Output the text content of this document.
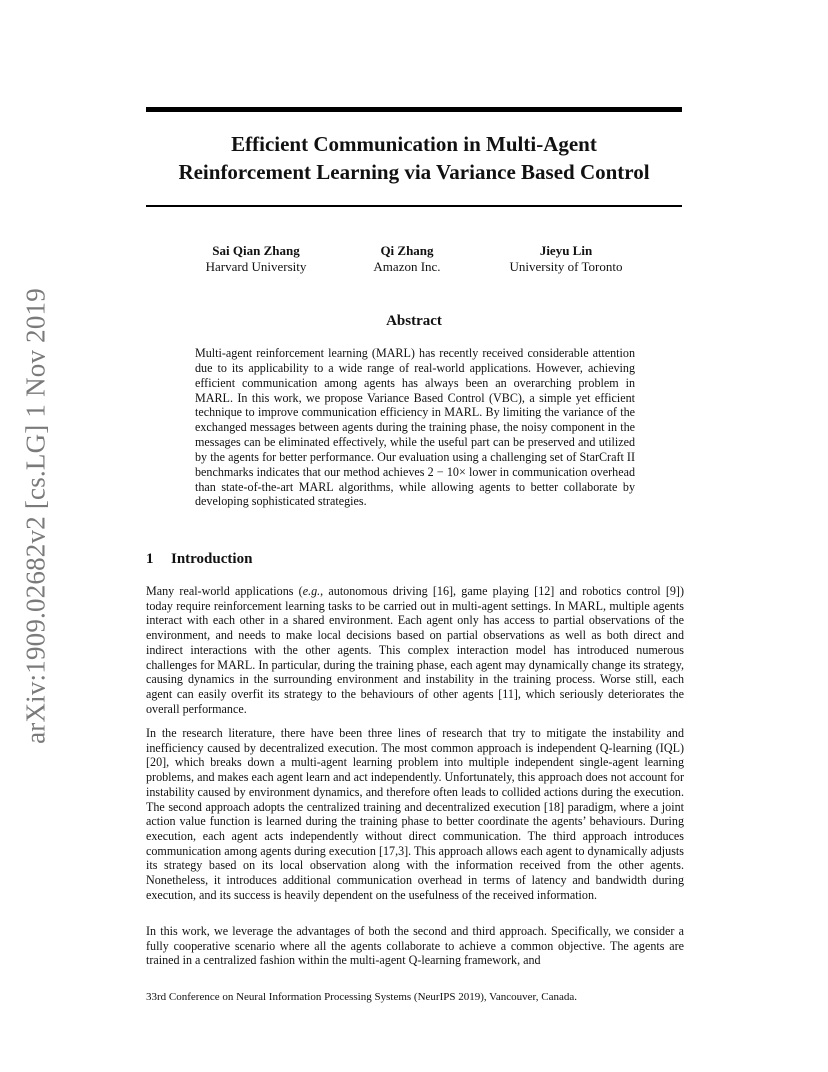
arXiv:1909.02682v2 [cs.LG] 1 Nov 2019
Efficient Communication in Multi-Agent
Reinforcement Learning via Variance Based Control
Sai Qian Zhang
Harvard University
Qi Zhang
Amazon Inc.
Jieyu Lin
University of Toronto
Abstract

Multi-agent reinforcement learning (MARL) has recently received considerable attention due to its applicability to a wide range of real-world applications. However, achieving efficient communication among agents has always been an overarching problem in MARL. In this work, we propose Variance Based Control (VBC), a simple yet efficient technique to improve communication efficiency in MARL. By limiting the variance of the exchanged messages between agents during the training phase, the noisy component in the messages can be eliminated effectively, while the useful part can be preserved and utilized by the agents for better performance. Our evaluation using a challenging set of StarCraft II benchmarks indicates that our method achieves 2 − 10× lower in communication overhead than state-of-the-art MARL algorithms, while allowing agents to better collaborate by developing sophisticated strategies.

1 Introduction

Many real-world applications (e.g., autonomous driving [16], game playing [12] and robotics control [9]) today require reinforcement learning tasks to be carried out in multi-agent settings. In MARL, multiple agents interact with each other in a shared environment. Each agent only has access to partial observations of the environment, and needs to make local decisions based on partial observations as well as both direct and indirect interactions with the other agents. This complex interaction model has introduced numerous challenges for MARL. In particular, during the training phase, each agent may dynamically change its strategy, causing dynamics in the surrounding environment and instability in the training process. Worse still, each agent can easily overfit its strategy to the behaviours of other agents [11], which seriously deteriorates the overall performance.

In the research literature, there have been three lines of research that try to mitigate the instability and inefficiency caused by decentralized execution. The most common approach is independent Q-learning (IQL) [20], which breaks down a multi-agent learning problem into multiple independent single-agent learning problems, and makes each agent learn and act independently. Unfortunately, this approach does not account for instability caused by environment dynamics, and therefore often leads to collided actions during the execution. The second approach adopts the centralized training and decentralized execution [18] paradigm, where a joint action value function is learned during the training phase to better coordinate the agents’ behaviours. During execution, each agent acts independently without direct communication. The third approach introduces communication among agents during execution [17,3]. This approach allows each agent to dynamically adjusts its strategy based on its local observation along with the information received from the other agents. Nonetheless, it introduces additional communication overhead in terms of latency and bandwidth during execution, and its success is heavily dependent on the usefulness of the received information.

In this work, we leverage the advantages of both the second and third approach. Specifically, we consider a fully cooperative scenario where all the agents collaborate to achieve a common objective. The agents are trained in a centralized fashion within the multi-agent Q-learning framework, and

33rd Conference on Neural Information Processing Systems (NeurIPS 2019), Vancouver, Canada.
